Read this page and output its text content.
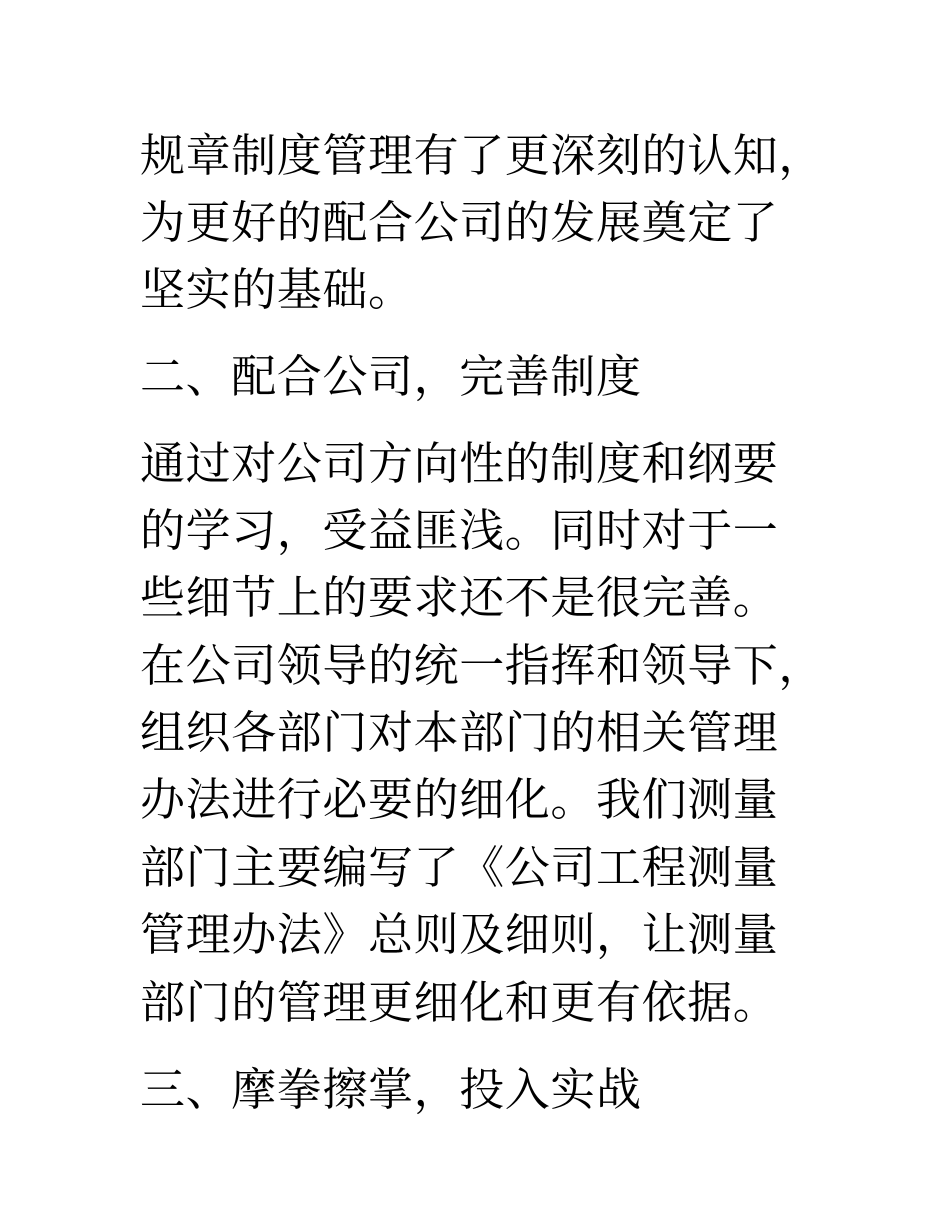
规章制度管理有了更深刻的认知，
为更好的配合公司的发展奠定了
坚实的基础。
二、配合公司，完善制度
通过对公司方向性的制度和纲要
的学习，受益匪浅。同时对于一
些细节上的要求还不是很完善。
在公司领导的统一指挥和领导下，
组织各部门对本部门的相关管理
办法进行必要的细化。我们测量
部门主要编写了《公司工程测量
管理办法》总则及细则，让测量
部门的管理更细化和更有依据。
三、摩拳擦掌，投入实战
